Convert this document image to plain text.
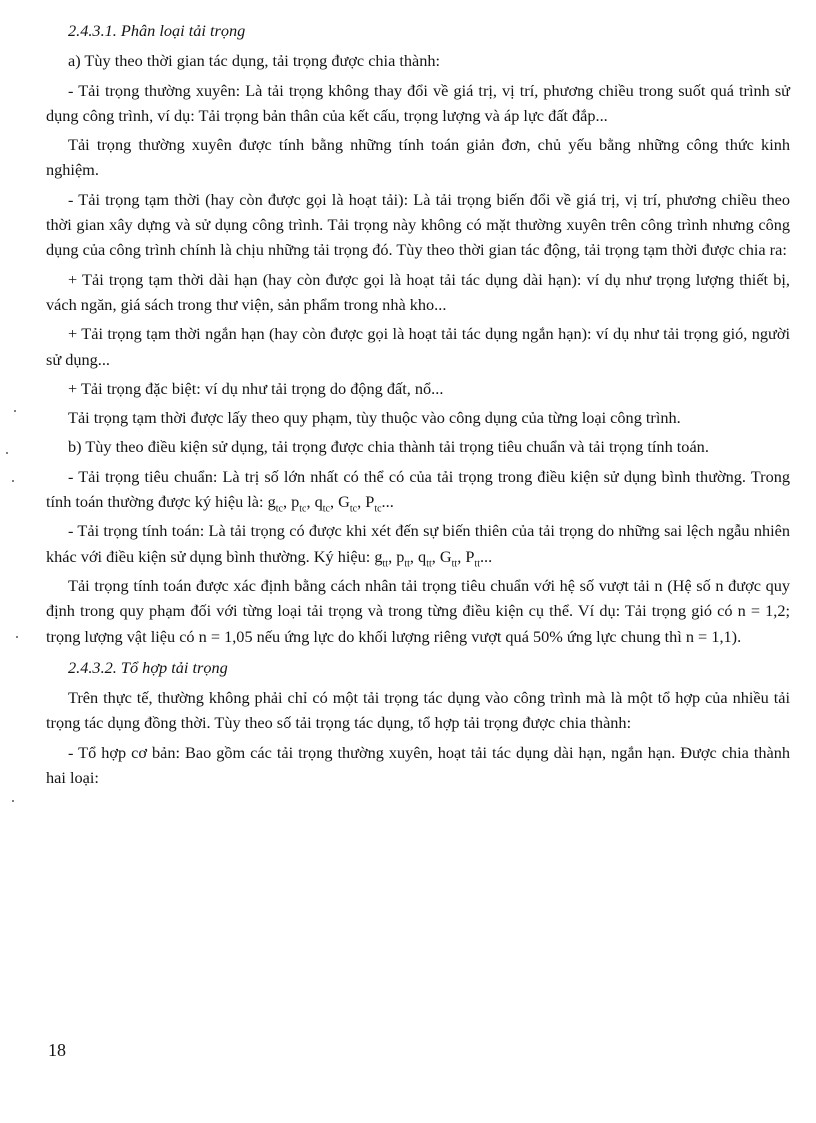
2.4.3.1. Phân loại tải trọng
a) Tùy theo thời gian tác dụng, tải trọng được chia thành:
- Tải trọng thường xuyên: Là tải trọng không thay đổi về giá trị, vị trí, phương chiều trong suốt quá trình sử dụng công trình, ví dụ: Tải trọng bản thân của kết cấu, trọng lượng và áp lực đất đắp...
Tải trọng thường xuyên được tính bằng những tính toán giản đơn, chủ yếu bằng những công thức kinh nghiệm.
- Tải trọng tạm thời (hay còn được gọi là hoạt tải): Là tải trọng biến đổi về giá trị, vị trí, phương chiều theo thời gian xây dựng và sử dụng công trình. Tải trọng này không có mặt thường xuyên trên công trình nhưng công dụng của công trình chính là chịu những tải trọng đó. Tùy theo thời gian tác động, tải trọng tạm thời được chia ra:
+ Tải trọng tạm thời dài hạn (hay còn được gọi là hoạt tải tác dụng dài hạn): ví dụ như trọng lượng thiết bị, vách ngăn, giá sách trong thư viện, sản phẩm trong nhà kho...
+ Tải trọng tạm thời ngắn hạn (hay còn được gọi là hoạt tải tác dụng ngắn hạn): ví dụ như tải trọng gió, người sử dụng...
+ Tải trọng đặc biệt: ví dụ như tải trọng do động đất, nổ...
Tải trọng tạm thời được lấy theo quy phạm, tùy thuộc vào công dụng của từng loại công trình.
b) Tùy theo điều kiện sử dụng, tải trọng được chia thành tải trọng tiêu chuẩn và tải trọng tính toán.
- Tải trọng tiêu chuẩn: Là trị số lớn nhất có thể có của tải trọng trong điều kiện sử dụng bình thường. Trong tính toán thường được ký hiệu là: $g_{tc}$, $p_{tc}$, $q_{tc}$, $G_{tc}$, $P_{tc}$...
- Tải trọng tính toán: Là tải trọng có được khi xét đến sự biến thiên của tải trọng do những sai lệch ngẫu nhiên khác với điều kiện sử dụng bình thường. Ký hiệu: $g_{tt}$, $p_{tt}$, $q_{tt}$, $G_{tt}$, $P_{tt}$...
Tải trọng tính toán được xác định bằng cách nhân tải trọng tiêu chuẩn với hệ số vượt tải n (Hệ số n được quy định trong quy phạm đối với từng loại tải trọng và trong từng điều kiện cụ thể. Ví dụ: Tải trọng gió có n = 1,2; trọng lượng vật liệu có n = 1,05 nếu ứng lực do khối lượng riêng vượt quá 50% ứng lực chung thì n = 1,1).
2.4.3.2. Tổ hợp tải trọng
Trên thực tế, thường không phải chỉ có một tải trọng tác dụng vào công trình mà là một tổ hợp của nhiều tải trọng tác dụng đồng thời. Tùy theo số tải trọng tác dụng, tổ hợp tải trọng được chia thành:
- Tổ hợp cơ bản: Bao gồm các tải trọng thường xuyên, hoạt tải tác dụng dài hạn, ngắn hạn. Được chia thành hai loại:
18
